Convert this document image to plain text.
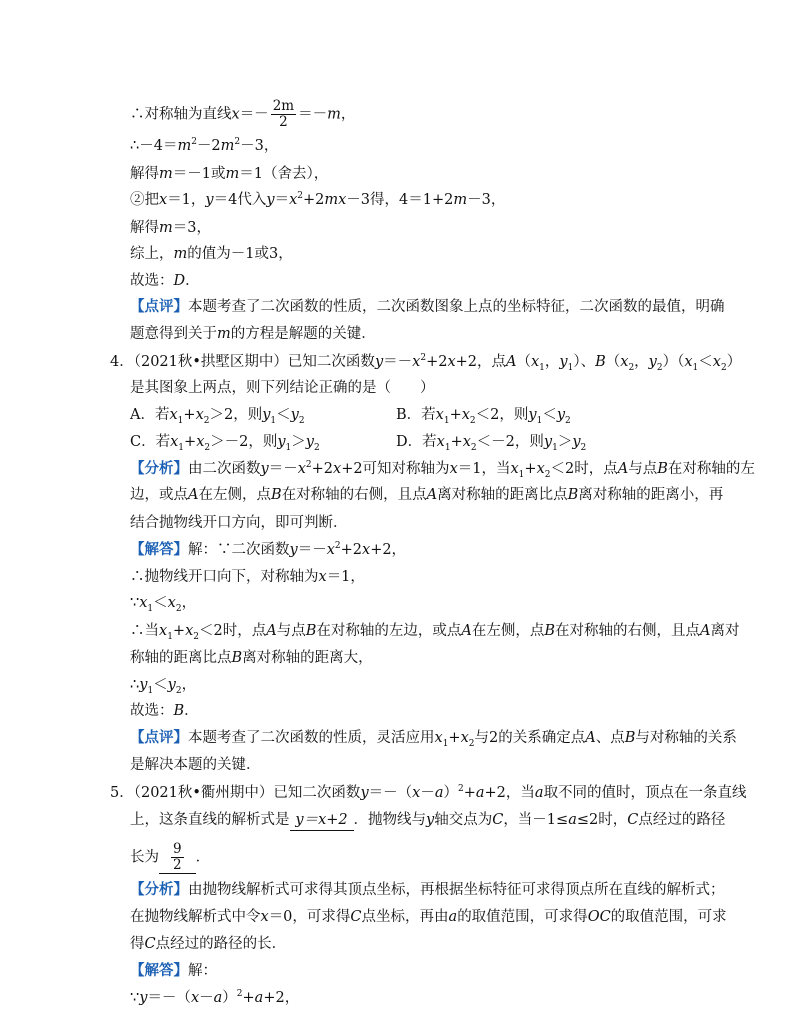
∴对称轴为直线$x=- \frac{2m}{2} =-m$，
$\therefore-4=m^2-2m^2-3$，
解得m＝－1或m＝1（舍去），
②把x＝1，y＝4代入$y=x^2+2mx-3$得，4＝1+2m－3，
解得m＝3，
综上，m的值为－1或3，
故选：D．
【点评】本题考查了二次函数的性质，二次函数图象上点的坐标特征，二次函数的最值，明确
题意得到关于m的方程是解题的关键．
4．（2021秋•拱墅区期中）已知二次函数$y=-x^2+2x+2$，点$A(x_1$，$y_1$）、$B(x_2$，$y_2)(x_1<x_2)$
是其图象上两点，则下列结论正确的是（　　）
A．若$x_1+x_2>2$，则$y_1<y_2$	B．若$x_1+x_2<2$，则$y_1<y_2$
C．若$x_1+x_2>-2$，则$y_1>y_2$	D．若$x_1+x_2<-2$，则$y_1>y_2$
【分析】由二次函数$y=-x^2+2x+2$可知对称轴为x＝1，当$x_1+x_2<2$时，点A与点B在对称轴的左
边，或点A在左侧，点B在对称轴的右侧，且点A离对称轴的距离比点B离对称轴的距离小，再
结合抛物线开口方向，即可判断．
【解答】解：∵二次函数$y=-x^2+2x+2$，
∴抛物线开口向下，对称轴为x＝1，
$\because x_1<x_2$，
∴当$x_1+x_2<2$时，点A与点B在对称轴的左边，或点A在左侧，点B在对称轴的右侧，且点A离对
称轴的距离比点B离对称轴的距离大，
$\therefore y_1<y_2$，
故选：B．
【点评】本题考查了二次函数的性质，灵活应用$x_1+x_2$与2的关系确定点A、点B与对称轴的关系
是解决本题的关键．
5．（2021秋•衢州期中）已知二次函数$y=-(x-a)^2+a+2$，当a取不同的值时，顶点在一条直线
上，这条直线的解析式是 y＝x+2 ．抛物线与y轴交点为C，当－1≤a≤2时，C点经过的路径
长为 $\frac{9}{2}$ ．
【分析】由抛物线解析式可求得其顶点坐标，再根据坐标特征可求得顶点所在直线的解析式；
在抛物线解析式中令x＝0，可求得C点坐标，再由a的取值范围，可求得OC的取值范围，可求
得C点经过的路径的长．
【解答】解：
$\because y=-(x-a)^2+a+2$，
